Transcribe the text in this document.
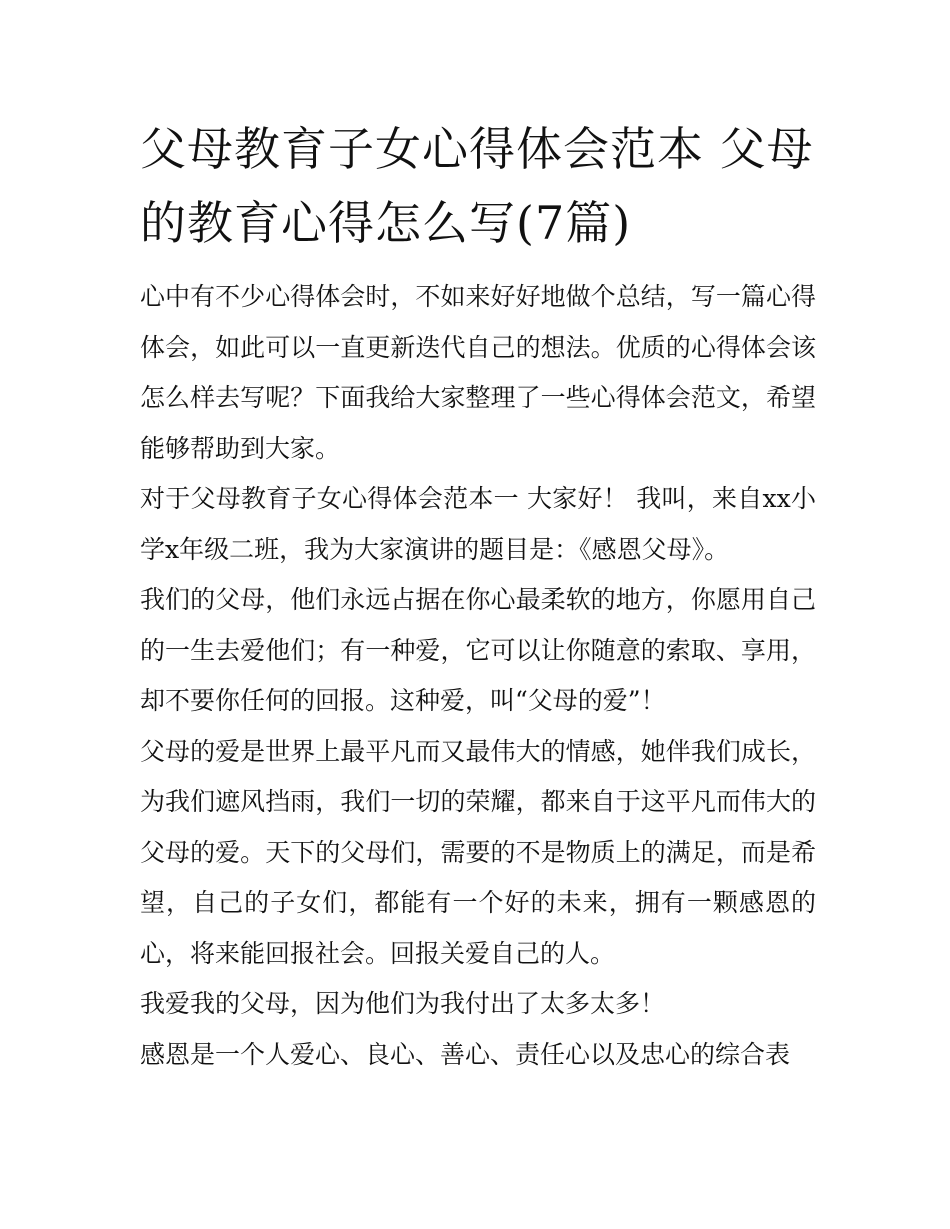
父母教育子女心得体会范本 父母的教育心得怎么写(7篇)

心中有不少心得体会时，不如来好好地做个总结，写一篇心得体会，如此可以一直更新迭代自己的想法。优质的心得体会该怎么样去写呢？下面我给大家整理了一些心得体会范文，希望能够帮助到大家。

对于父母教育子女心得体会范本一 大家好！ 我叫，来自xx小学x年级二班，我为大家演讲的题目是：《感恩父母》。

我们的父母，他们永远占据在你心最柔软的地方，你愿用自己的一生去爱他们；有一种爱，它可以让你随意的索取、享用，却不要你任何的回报。这种爱，叫“父母的爱”！

父母的爱是世界上最平凡而又最伟大的情感，她伴我们成长，为我们遮风挡雨，我们一切的荣耀，都来自于这平凡而伟大的父母的爱。天下的父母们，需要的不是物质上的满足，而是希望，自己的子女们，都能有一个好的未来，拥有一颗感恩的心，将来能回报社会。回报关爱自己的人。

我爱我的父母，因为他们为我付出了太多太多！

感恩是一个人爱心、良心、善心、责任心以及忠心的综合表
